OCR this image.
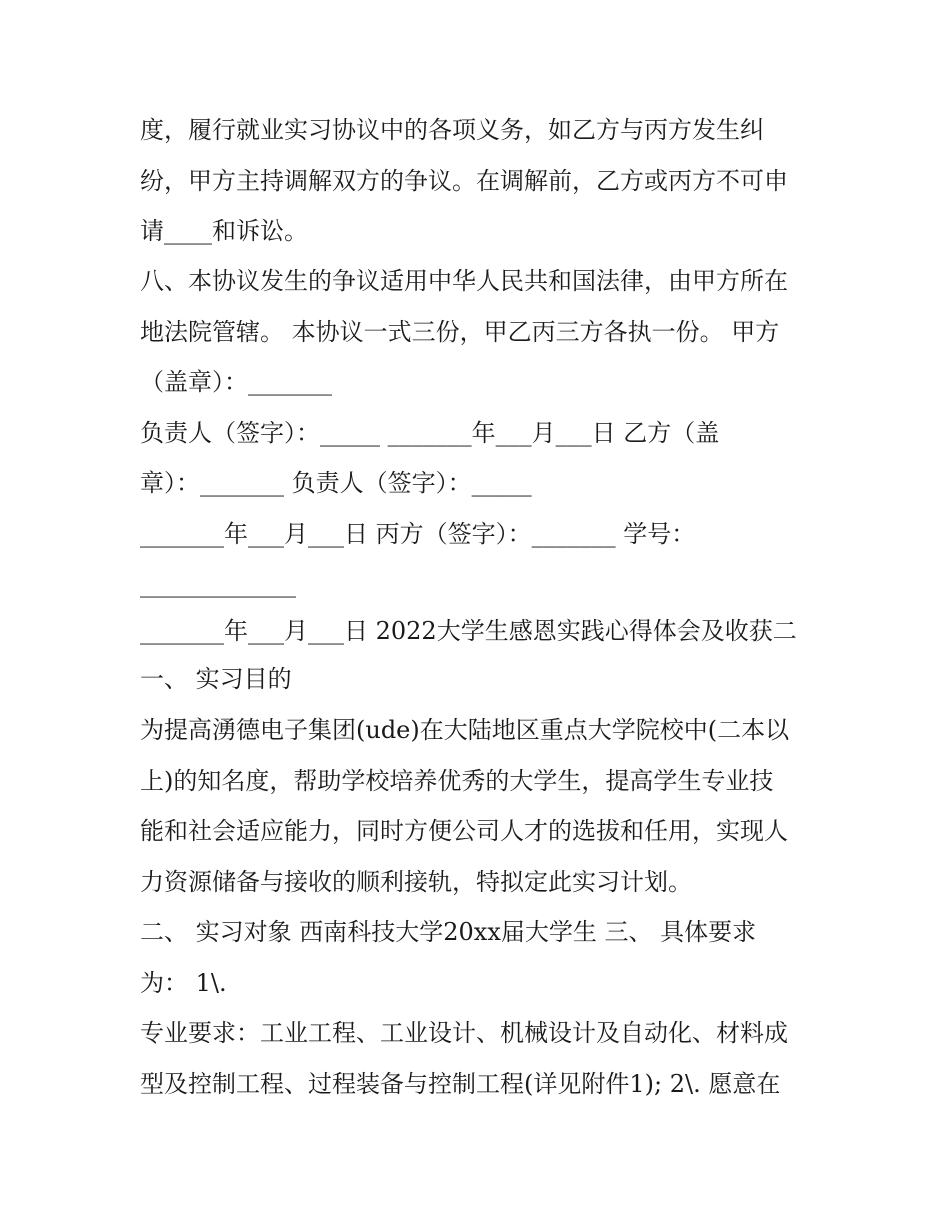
度，履行就业实习协议中的各项义务，如乙方与丙方发生纠
纷，甲方主持调解双方的争议。在调解前，乙方或丙方不可申
请____和诉讼。
八、本协议发生的争议适用中华人民共和国法律，由甲方所在
地法院管辖。 本协议一式三份，甲乙丙三方各执一份。 甲方
（盖章）：_______
负责人（签字）：_____ _______年___月___日 乙方（盖
章）：_______ 负责人（签字）：_____
_______年___月___日 丙方（签字）：_______ 学号：
_____________
_______年___月___日 2022大学生感恩实践心得体会及收获二
一、 实习目的
为提高湧德电子集团(ude)在大陆地区重点大学院校中(二本以
上)的知名度，帮助学校培养优秀的大学生，提高学生专业技
能和社会适应能力，同时方便公司人才的选拔和任用，实现人
力资源储备与接收的顺利接轨，特拟定此实习计划。
二、 实习对象 西南科技大学20xx届大学生 三、 具体要求
为： 1\.
专业要求：工业工程、工业设计、机械设计及自动化、材料成
型及控制工程、过程装备与控制工程(详见附件1); 2\. 愿意在
